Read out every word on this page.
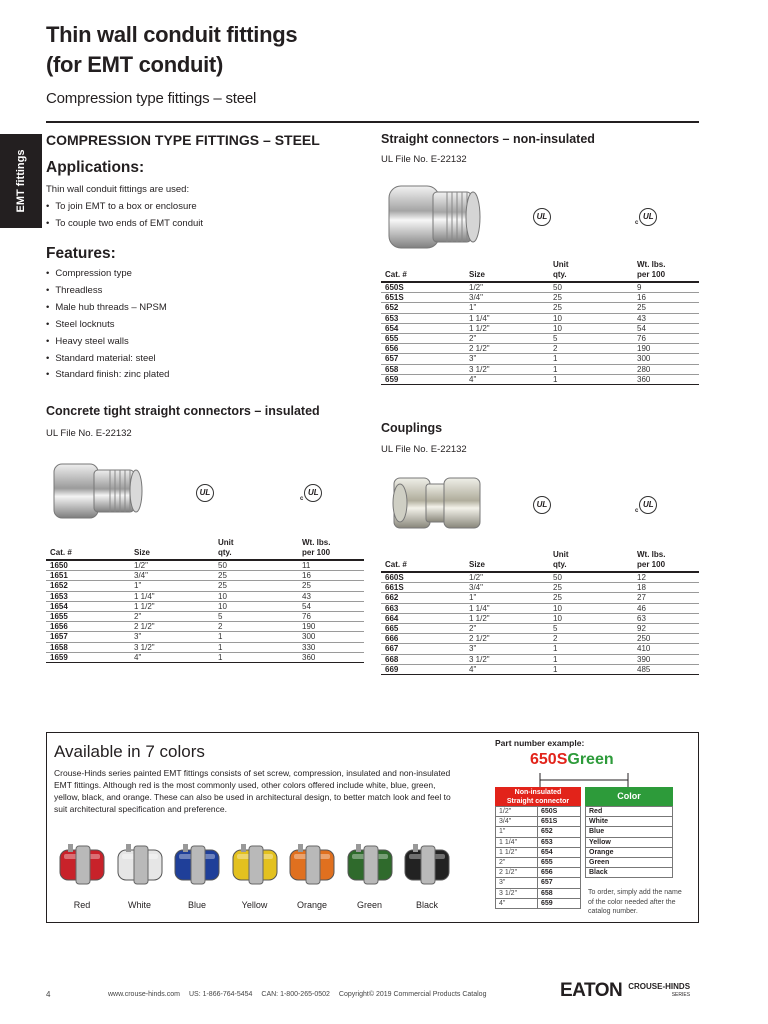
Thin wall conduit fittings
(for EMT conduit)
Compression type fittings – steel
EMT fittings
COMPRESSION TYPE FITTINGS – STEEL
Applications:
Thin wall conduit fittings are used:
• To join EMT to a box or enclosure
• To couple two ends of EMT conduit
Features:
• Compression type
• Threadless
• Male hub threads – NPSM
• Steel locknuts
• Heavy steel walls
• Standard material: steel
• Standard finish: zinc plated
Concrete tight straight connectors – insulated
UL File No. E-22132
UL
c
UL
Cat. #	Size	Unit
qty.	Wt. lbs.
per 100
1650	1/2"	50	11
1651	3/4"	25	16
1652	1"	25	25
1653	1 1/4"	10	43
1654	1 1/2"	10	54
1655	2"	5	76
1656	2 1/2"	2	190
1657	3"	1	300
1658	3 1/2"	1	330
1659	4"	1	360
Straight connectors – non-insulated
UL File No. E-22132
UL
c
UL
Cat. #	Size	Unit
qty.	Wt. lbs.
per 100
650S	1/2"	50	9
651S	3/4"	25	16
652	1"	25	25
653	1 1/4"	10	43
654	1 1/2"	10	54
655	2"	5	76
656	2 1/2"	2	190
657	3"	1	300
658	3 1/2"	1	280
659	4"	1	360
Couplings
UL File No. E-22132
UL
c
UL
Cat. #	Size	Unit
qty.	Wt. lbs.
per 100
660S	1/2"	50	12
661S	3/4"	25	18
662	1"	25	27
663	1 1/4"	10	46
664	1 1/2"	10	63
665	2"	5	92
666	2 1/2"	2	250
667	3"	1	410
668	3 1/2"	1	390
669	4"	1	485
Available in 7 colors
Crouse-Hinds series painted EMT fittings consists of set screw, compression, insulated and non-insulated EMT fittings. Although red is the most commonly used, other colors offered include white, blue, green, yellow, black, and orange. These can also be used in architectural design, to better match look and feel to suit architectural specification and preference.
Red	White	Blue	Yellow	Orange	Green	Black
Part number example:
650SGreen
Non-insulated
Straight connector
Color
1/2"	650S
3/4"	651S
1"	652
1 1/4"	653
1 1/2"	654
2"	655
2 1/2"	656
3"	657
3 1/2"	658
4"	659
Red
White
Blue
Yellow
Orange
Green
Black
To order, simply add the name of the color needed after the catalog number.
4	www.crouse-hinds.com US: 1-866-764-5454 CAN: 1-800-265-0502 Copyright© 2019 Commercial Products Catalog	EATON CROUSE-HINDS
SERIES
